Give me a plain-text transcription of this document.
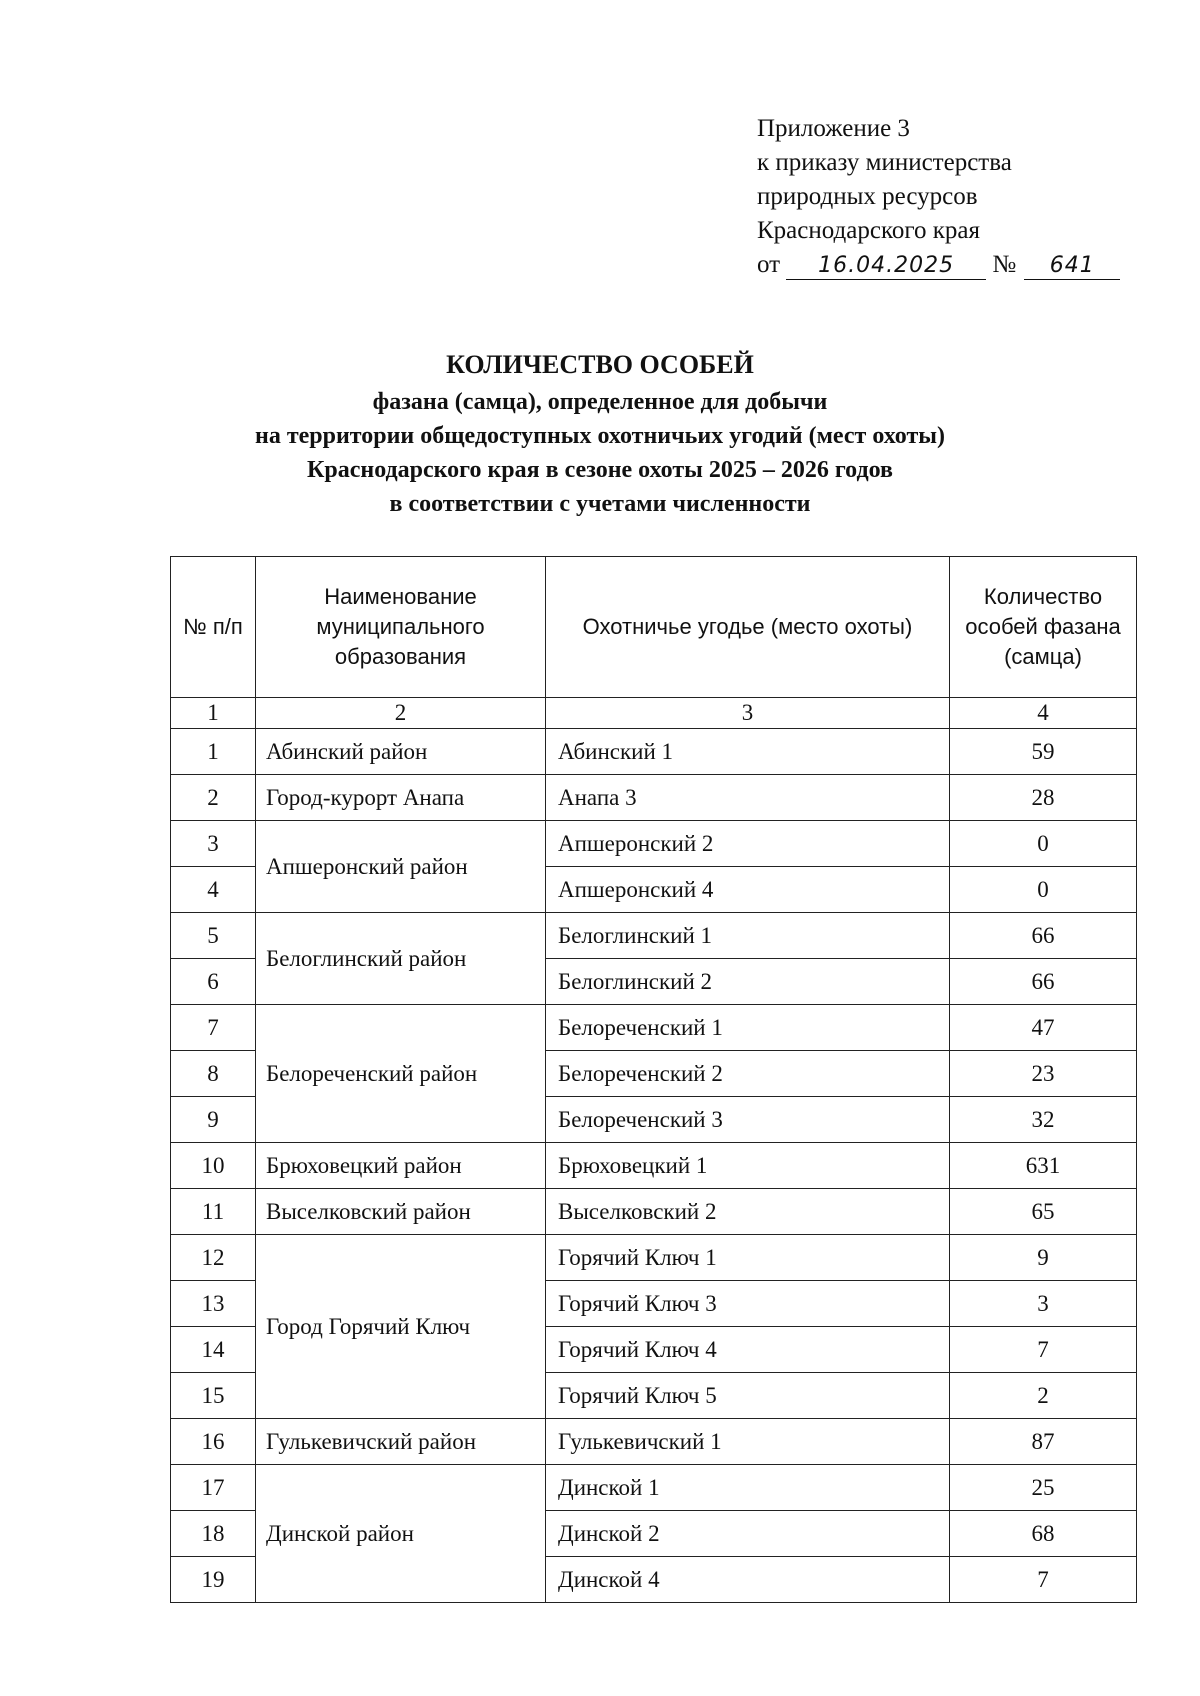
Приложение 3
к приказу министерства
природных ресурсов
Краснодарского края
от 16.04.2025 № 641
КОЛИЧЕСТВО ОСОБЕЙ
фазана (самца), определенное для добычи
на территории общедоступных охотничьих угодий (мест охоты)
Краснодарского края в сезоне охоты 2025 – 2026 годов
в соответствии с учетами численности
№ п/п	Наименование муниципального образования	Охотничье угодье (место охоты)	Количество особей фазана (самца)
1	2	3	4
1	Абинский район	Абинский 1	59
2	Город-курорт Анапа	Анапа 3	28
3	Апшеронский район	Апшеронский 2	0
4		Апшеронский 4	0
5	Белоглинский район	Белоглинский 1	66
6		Белоглинский 2	66
7	Белореченский район	Белореченский 1	47
8		Белореченский 2	23
9		Белореченский 3	32
10	Брюховецкий район	Брюховецкий 1	631
11	Выселковский район	Выселковский 2	65
12	Город Горячий Ключ	Горячий Ключ 1	9
13		Горячий Ключ 3	3
14		Горячий Ключ 4	7
15		Горячий Ключ 5	2
16	Гулькевичский район	Гулькевичский 1	87
17	Динской район	Динской 1	25
18		Динской 2	68
19		Динской 4	7
